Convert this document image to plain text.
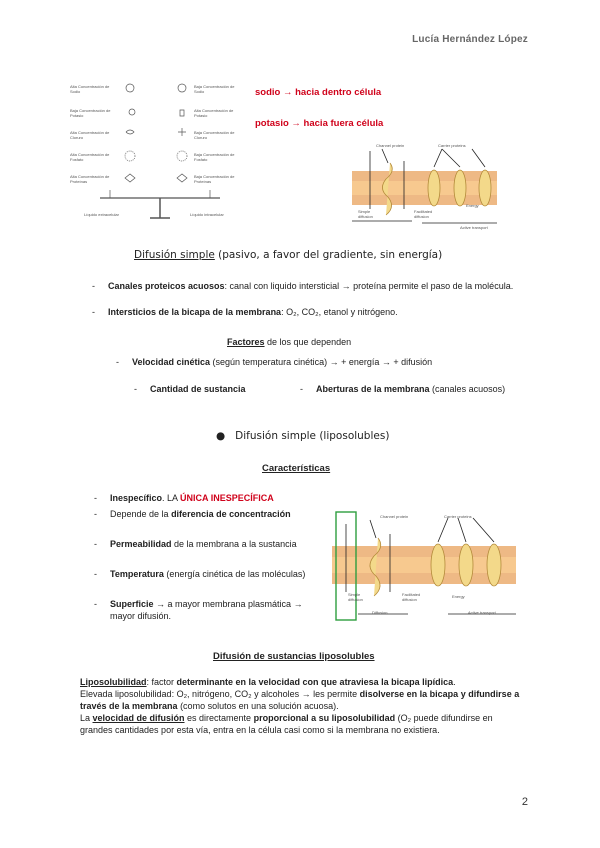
Lucía Hernández López
2
Alta Concentración de Sodio
Baja Concentración de Potasio
Alta Concentración de Cloruro
Alta Concentración de Fosfato
Alta Concentración de Proteínas
Baja Concentración de Sodio
Alta Concentración de Potasio
Baja Concentración de Cloruro
Baja Concentración de Fosfato
Baja Concentración de Proteínas
Líquido extracelular	Líquido intracelular
sodio → hacia dentro célula
potasio → hacia fuera célula
Channel protein	Carrier proteins
Energy
Simple diffusion
Facilitated diffusion
Active transport
Difusión simple (pasivo, a favor del gradiente, sin energía)
- Canales proteicos acuosos: canal con liquido intersticial → proteína permite el paso de la molécula.
- Intersticios de la bicapa de la membrana: O₂, CO₂, etanol y nitrógeno.
Factores de los que dependen
- Velocidad cinética (según temperatura cinética) → + energía → + difusión
- Cantidad de sustancia	- Aberturas de la membrana (canales acuosos)
● Difusión simple (liposolubles)
Características
- Inespecífico. LA ÚNICA INESPECÍFICA
- Depende de la diferencia de concentración
- Permeabilidad de la membrana a la sustancia
- Temperatura (energía cinética de las moléculas)
- Superficie → a mayor membrana plasmática → mayor difusión.
Channel protein	Carrier proteins
Energy
Simple diffusion
Facilitated diffusion
Diffusion	Active transport
Difusión de sustancias liposolubles
Liposolubilidad: factor determinante en la velocidad con que atraviesa la bicapa lipídica.
Elevada liposolubilidad: O₂, nitrógeno, CO₂ y alcoholes → les permite disolverse en la bicapa y difundirse a través de la membrana (como solutos en una solución acuosa).
La velocidad de difusión es directamente proporcional a su liposolubilidad (O₂ puede difundirse en grandes cantidades por esta vía, entra en la célula casi como si la membrana no existiera.
